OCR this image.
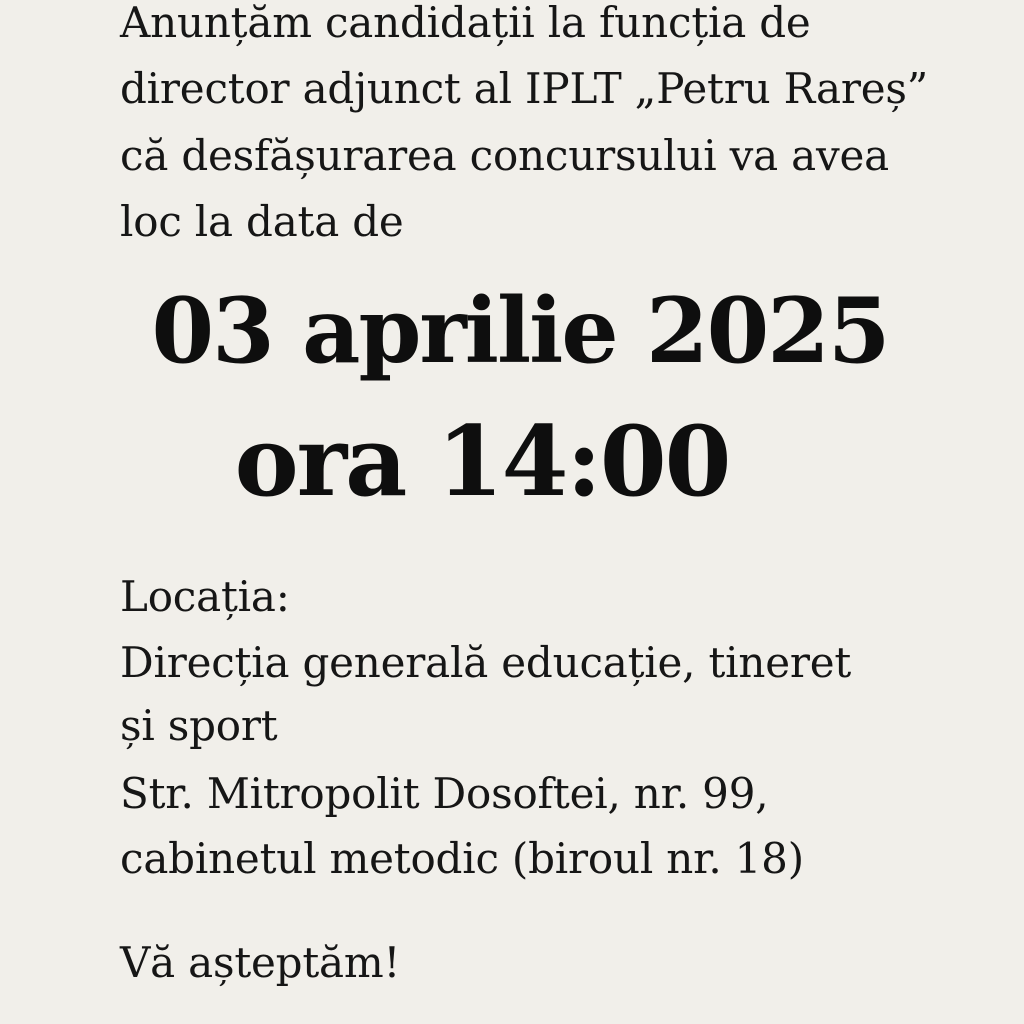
Anunțăm candidații la funcția de
director adjunct al IPLT „Petru Rareș”
că desfășurarea concursului va avea
loc la data de
03 aprilie 2025
ora 14:00
Locația:
Direcția generală educație, tineret
și sport
Str. Mitropolit Dosoftei, nr. 99,
cabinetul metodic (biroul nr. 18)
Vă așteptăm!
